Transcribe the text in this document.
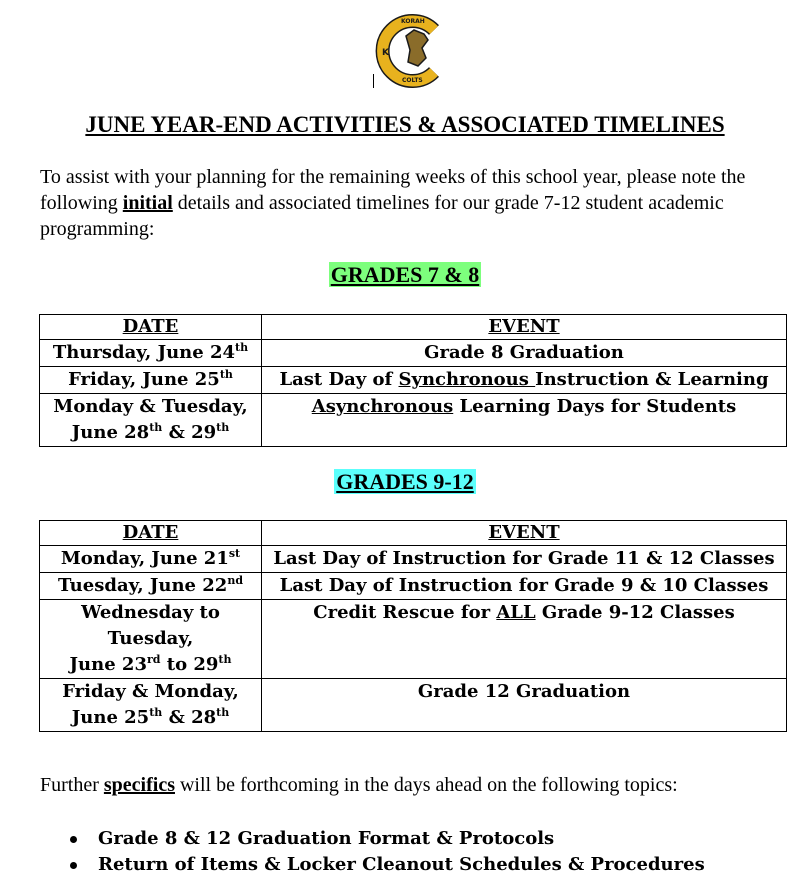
K
KORAH
COLTS
JUNE YEAR-END ACTIVITIES & ASSOCIATED TIMELINES
To assist with your planning for the remaining weeks of this school year, please note the following initial details and associated timelines for our grade 7-12 student academic programming:
GRADES 7 & 8
DATE	EVENT
Thursday, June 24th	Grade 8 Graduation
Friday, June 25th	Last Day of Synchronous Instruction & Learning
Monday & Tuesday,
June 28th & 29th	Asynchronous Learning Days for Students
GRADES 9-12
DATE	EVENT
Monday, June 21st	Last Day of Instruction for Grade 11 & 12 Classes
Tuesday, June 22nd	Last Day of Instruction for Grade 9 & 10 Classes
Wednesday to
Tuesday,
June 23rd to 29th	Credit Rescue for ALL Grade 9-12 Classes
Friday & Monday,
June 25th & 28th	Grade 12 Graduation
Further specifics will be forthcoming in the days ahead on the following topics:
Grade 8 & 12 Graduation Format & Protocols
Return of Items & Locker Cleanout Schedules & Procedures
